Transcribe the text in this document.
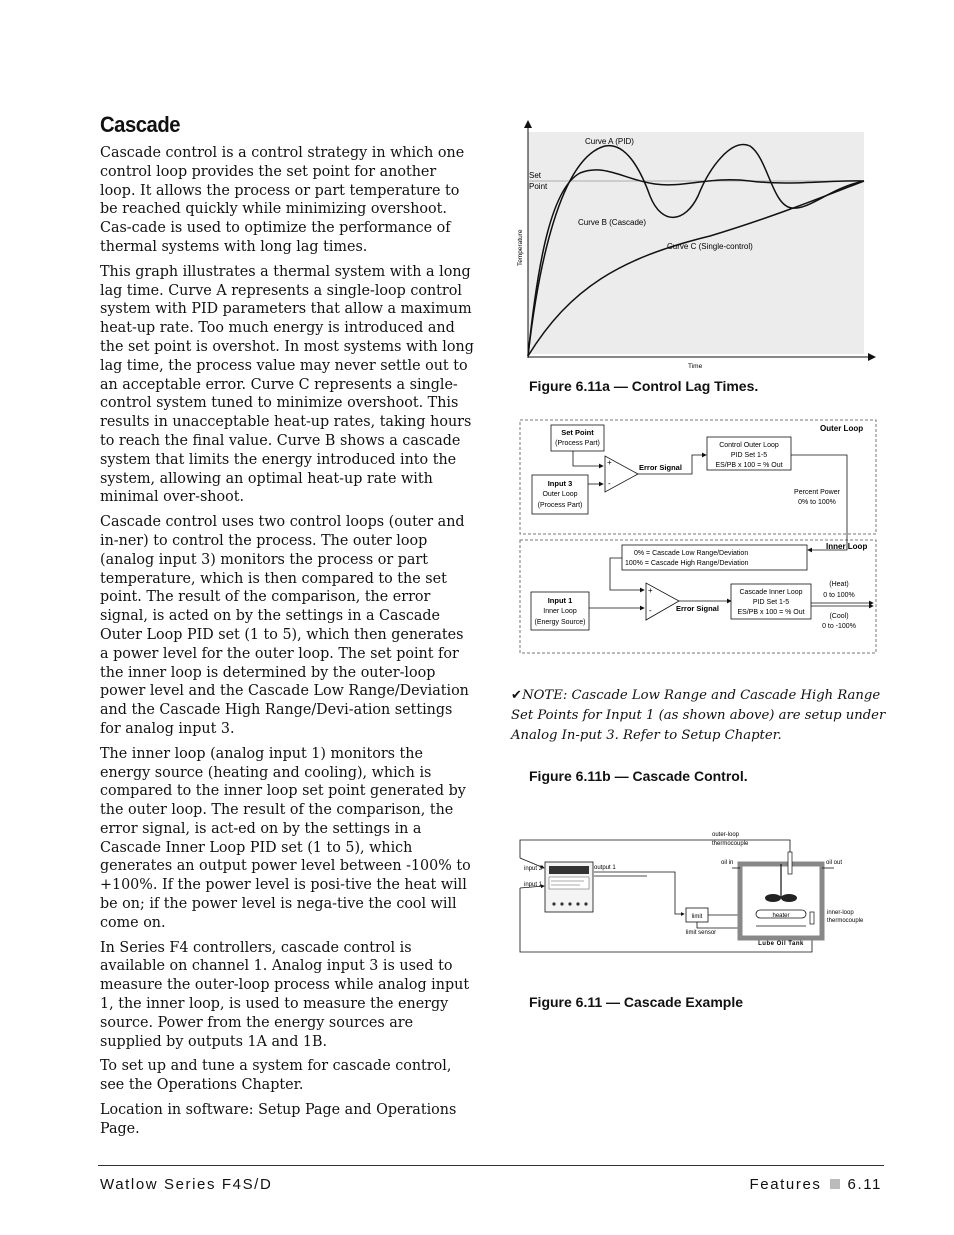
Cascade

Cascade control is a control strategy in which one control loop provides the set point for another loop. It allows the process or part temperature to be reached quickly while minimizing overshoot. Cas-cade is used to optimize the performance of thermal systems with long lag times.

This graph illustrates a thermal system with a long lag time. Curve A represents a single-loop control system with PID parameters that allow a maximum heat-up rate. Too much energy is introduced and the set point is overshot. In most systems with long lag time, the process value may never settle out to an acceptable error. Curve C represents a single-control system tuned to minimize overshoot. This results in unacceptable heat-up rates, taking hours to reach the final value. Curve B shows a cascade system that limits the energy introduced into the system, allowing an optimal heat-up rate with minimal over-shoot.

Cascade control uses two control loops (outer and in-ner) to control the process. The outer loop (analog input 3) monitors the process or part temperature, which is then compared to the set point. The result of the comparison, the error signal, is acted on by the settings in a Cascade Outer Loop PID set (1 to 5), which then generates a power level for the outer loop. The set point for the inner loop is determined by the outer-loop power level and the Cascade Low Range/Deviation and the Cascade High Range/Devi-ation settings for analog input 3.

The inner loop (analog input 1) monitors the energy source (heating and cooling), which is compared to the inner loop set point generated by the outer loop. The result of the comparison, the error signal, is act-ed on by the settings in a Cascade Inner Loop PID set (1 to 5), which generates an output power level between -100% to +100%. If the power level is posi-tive the heat will be on; if the power level is nega-tive the cool will come on.

In Series F4 controllers, cascade control is available on channel 1. Analog input 3 is used to measure the outer-loop process while analog input 1, the inner loop, is used to measure the energy source. Power from the energy sources are supplied by outputs 1A and 1B.

To set up and tune a system for cascade control, see the Operations Chapter.

Location in software: Setup Page and Operations Page.

Curve A (PID)
Set
Point
Curve B (Cascade)
Curve C (Single-control)
Temperature
Time
Figure 6.11a — Control Lag Times.
Outer Loop
Inner Loop
Set Point
(Process Part)
Input 3
Outer Loop
(Process Part)
+
-
Error Signal
Control Outer Loop
PID Set 1-5
ES/PB x 100 = % Out
Percent Power
0% to 100%
0% = Cascade Low Range/Deviation
100% = Cascade High Range/Deviation
Input 1
Inner Loop
(Energy Source)
+
-	Error Signal
Cascade Inner Loop
PID Set 1-5
ES/PB x 100 = % Out
(Heat)
0 to 100%
(Cool)
0 to -100%
✔NOTE: Cascade Low Range and Cascade High Range Set Points for Input 1 (as shown above) are setup under Analog In-put 3. Refer to Setup Chapter.
Figure 6.11b — Cascade Control.
input 3
input 1
output 1
outer-loop
thermocouple
limit
limit sensor
Lube Oil Tank
oil in	oil out
heater	inner-loop
thermocouple
Figure 6.11 — Cascade Example
Watlow Series F4S/D	Features 6.11
